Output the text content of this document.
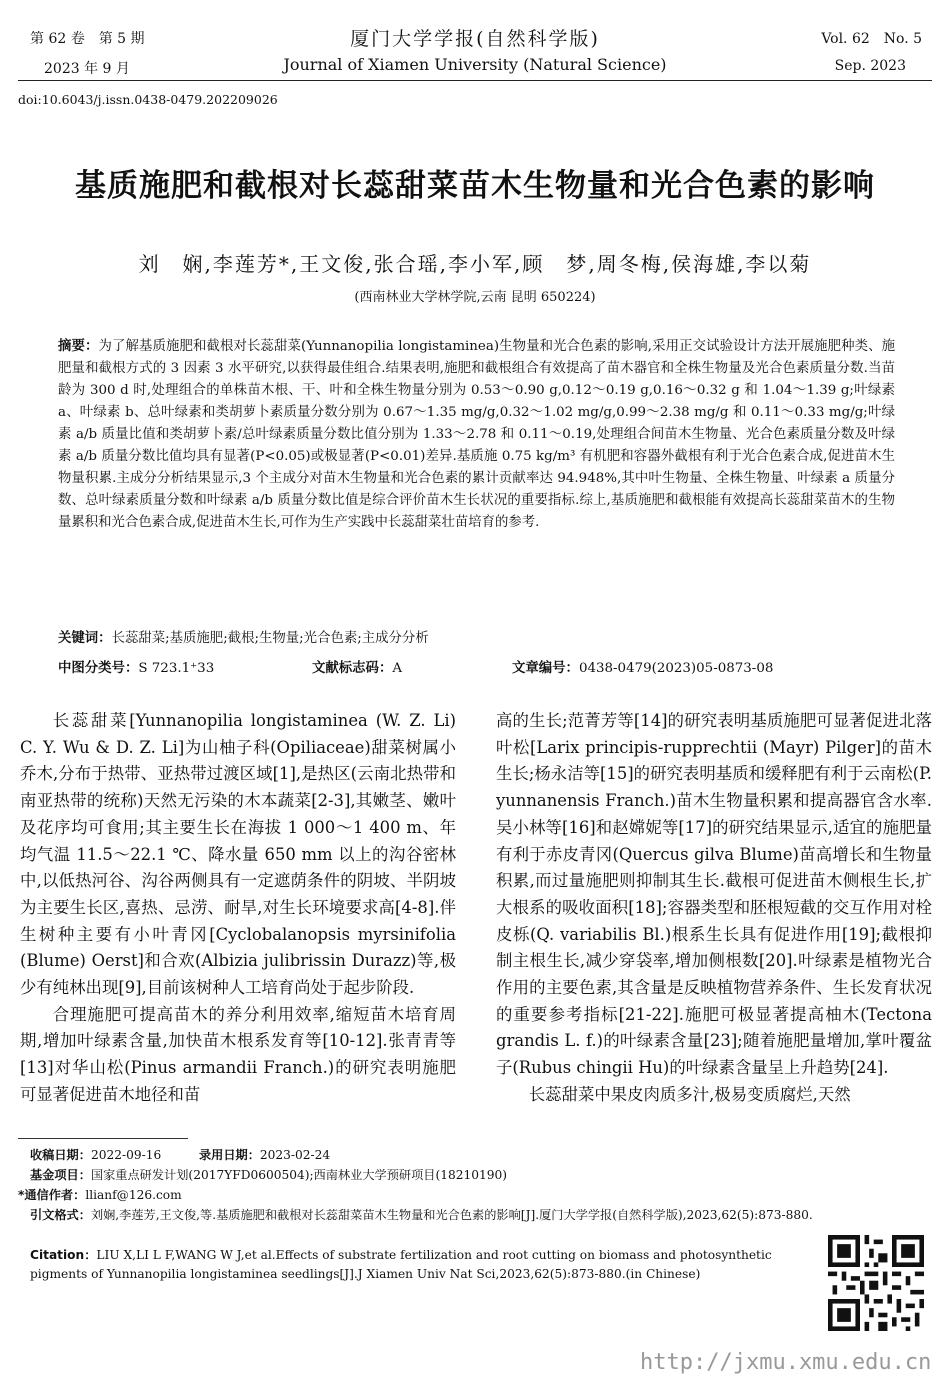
第 62 卷　第 5 期	厦门大学学报(自然科学版)	Vol. 62　No. 5
2023 年 9 月	Journal of Xiamen University (Natural Science)	Sep. 2023
doi:10.6043/j.issn.0438-0479.202209026
基质施肥和截根对长蕊甜菜苗木生物量和光合色素的影响
刘　娴,李莲芳*,王文俊,张合瑶,李小军,顾　梦,周冬梅,侯海雄,李以菊
(西南林业大学林学院,云南 昆明 650224)
摘要：为了解基质施肥和截根对长蕊甜菜(Yunnanopilia longistaminea)生物量和光合色素的影响,采用正交试验设计方法开展施肥种类、施肥量和截根方式的 3 因素 3 水平研究,以获得最佳组合.结果表明,施肥和截根组合有效提高了苗木器官和全株生物量及光合色素质量分数.当苗龄为 300 d 时,处理组合的单株苗木根、干、叶和全株生物量分别为 0.53～0.90 g,0.12～0.19 g,0.16～0.32 g 和 1.04～1.39 g;叶绿素 a、叶绿素 b、总叶绿素和类胡萝卜素质量分数分别为 0.67～1.35 mg/g,0.32～1.02 mg/g,0.99～2.38 mg/g 和 0.11～0.33 mg/g;叶绿素 a/b 质量比值和类胡萝卜素/总叶绿素质量分数比值分别为 1.33～2.78 和 0.11～0.19,处理组合间苗木生物量、光合色素质量分数及叶绿素 a/b 质量分数比值均具有显著(P<0.05)或极显著(P<0.01)差异.基质施 0.75 kg/m³ 有机肥和容器外截根有利于光合色素合成,促进苗木生物量积累.主成分分析结果显示,3 个主成分对苗木生物量和光合色素的累计贡献率达 94.948%,其中叶生物量、全株生物量、叶绿素 a 质量分数、总叶绿素质量分数和叶绿素 a/b 质量分数比值是综合评价苗木生长状况的重要指标.综上,基质施肥和截根能有效提高长蕊甜菜苗木的生物量累积和光合色素合成,促进苗木生长,可作为生产实践中长蕊甜菜壮苗培育的参考.
关键词：长蕊甜菜;基质施肥;截根;生物量;光合色素;主成分分析
中图分类号：S 723.1⁺33	文献标志码：A	文章编号：0438-0479(2023)05-0873-08

长蕊甜菜[Yunnanopilia longistaminea (W. Z. Li) C. Y. Wu & D. Z. Li]为山柚子科(Opiliaceae)甜菜树属小乔木,分布于热带、亚热带过渡区域[1],是热区(云南北热带和南亚热带的统称)天然无污染的木本蔬菜[2-3],其嫩茎、嫩叶及花序均可食用;其主要生长在海拔 1 000～1 400 m、年均气温 11.5～22.1 ℃、降水量 650 mm 以上的沟谷密林中,以低热河谷、沟谷两侧具有一定遮荫条件的阴坡、半阴坡为主要生长区,喜热、忌涝、耐旱,对生长环境要求高[4-8].伴生树种主要有小叶青冈[Cyclobalanopsis myrsinifolia (Blume) Oerst]和合欢(Albizia julibrissin Durazz)等,极少有纯林出现[9],目前该树种人工培育尚处于起步阶段.

合理施肥可提高苗木的养分利用效率,缩短苗木培育周期,增加叶绿素含量,加快苗木根系发育等[10-12].张青青等[13]对华山松(Pinus armandii Franch.)的研究表明施肥可显著促进苗木地径和苗

高的生长;范菁芳等[14]的研究表明基质施肥可显著促进北落叶松[Larix principis-rupprechtii (Mayr) Pilger]的苗木生长;杨永洁等[15]的研究表明基质和缓释肥有利于云南松(P. yunnanensis Franch.)苗木生物量积累和提高器官含水率.吴小林等[16]和赵嫦妮等[17]的研究结果显示,适宜的施肥量有利于赤皮青冈(Quercus gilva Blume)苗高增长和生物量积累,而过量施肥则抑制其生长.截根可促进苗木侧根生长,扩大根系的吸收面积[18];容器类型和胚根短截的交互作用对栓皮栎(Q. variabilis Bl.)根系生长具有促进作用[19];截根抑制主根生长,减少穿袋率,增加侧根数[20].叶绿素是植物光合作用的主要色素,其含量是反映植物营养条件、生长发育状况的重要参考指标[21-22].施肥可极显著提高柚木(Tectona grandis L. f.)的叶绿素含量[23];随着施肥量增加,掌叶覆盆子(Rubus chingii Hu)的叶绿素含量呈上升趋势[24].

长蕊甜菜中果皮肉质多汁,极易变质腐烂,天然

收稿日期：2022-09-16	录用日期：2023-02-24
基金项目：国家重点研发计划(2017YFD0600504);西南林业大学预研项目(18210190)
*通信作者：llianf@126.com
引文格式：刘娴,李莲芳,王文俊,等.基质施肥和截根对长蕊甜菜苗木生物量和光合色素的影响[J].厦门大学学报(自然科学版),2023,62(5):873-880.
Citation：LIU X,LI L F,WANG W J,et al.Effects of substrate fertilization and root cutting on biomass and photosynthetic pigments of Yunnanopilia longistaminea seedlings[J].J Xiamen Univ Nat Sci,2023,62(5):873-880.(in Chinese)
http://jxmu.xmu.edu.cn
